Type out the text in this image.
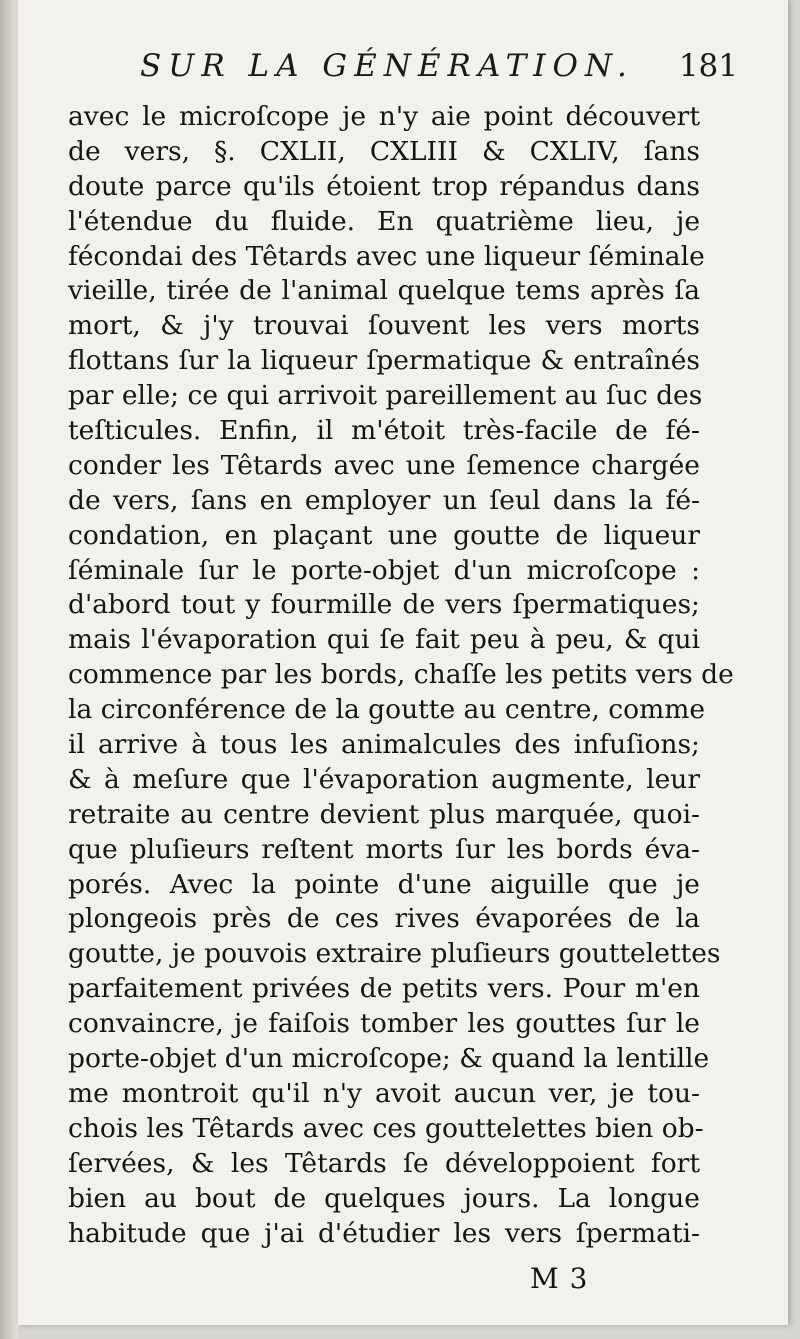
SUR LA GÉNÉRATION. 181
avec le microſcope je n'y aie point découvert
de vers, §. CXLII, CXLIII & CXLIV, ſans
doute parce qu'ils étoient trop répandus dans
l'étendue du fluide. En quatrième lieu, je
fécondai des Têtards avec une liqueur ſéminale
vieille, tirée de l'animal quelque tems après ſa
mort, & j'y trouvai ſouvent les vers morts
flottans ſur la liqueur ſpermatique & entraînés
par elle; ce qui arrivoit pareillement au ſuc des
teſticules. Enfin, il m'étoit très-facile de fé-
conder les Têtards avec une ſemence chargée
de vers, ſans en employer un ſeul dans la fé-
condation, en plaçant une goutte de liqueur
ſéminale ſur le porte-objet d'un microſcope :
d'abord tout y fourmille de vers ſpermatiques;
mais l'évaporation qui ſe fait peu à peu, & qui
commence par les bords, chaſſe les petits vers de
la circonférence de la goutte au centre, comme
il arrive à tous les animalcules des infuſions;
& à meſure que l'évaporation augmente, leur
retraite au centre devient plus marquée, quoi-
que pluſieurs reſtent morts ſur les bords éva-
porés. Avec la pointe d'une aiguille que je
plongeois près de ces rives évaporées de la
goutte, je pouvois extraire pluſieurs gouttelettes
parfaitement privées de petits vers. Pour m'en
convaincre, je faiſois tomber les gouttes ſur le
porte-objet d'un microſcope; & quand la lentille
me montroit qu'il n'y avoit aucun ver, je tou-
chois les Têtards avec ces gouttelettes bien ob-
ſervées, & les Têtards ſe développoient fort
bien au bout de quelques jours. La longue
habitude que j'ai d'étudier les vers ſpermati-
M 3
